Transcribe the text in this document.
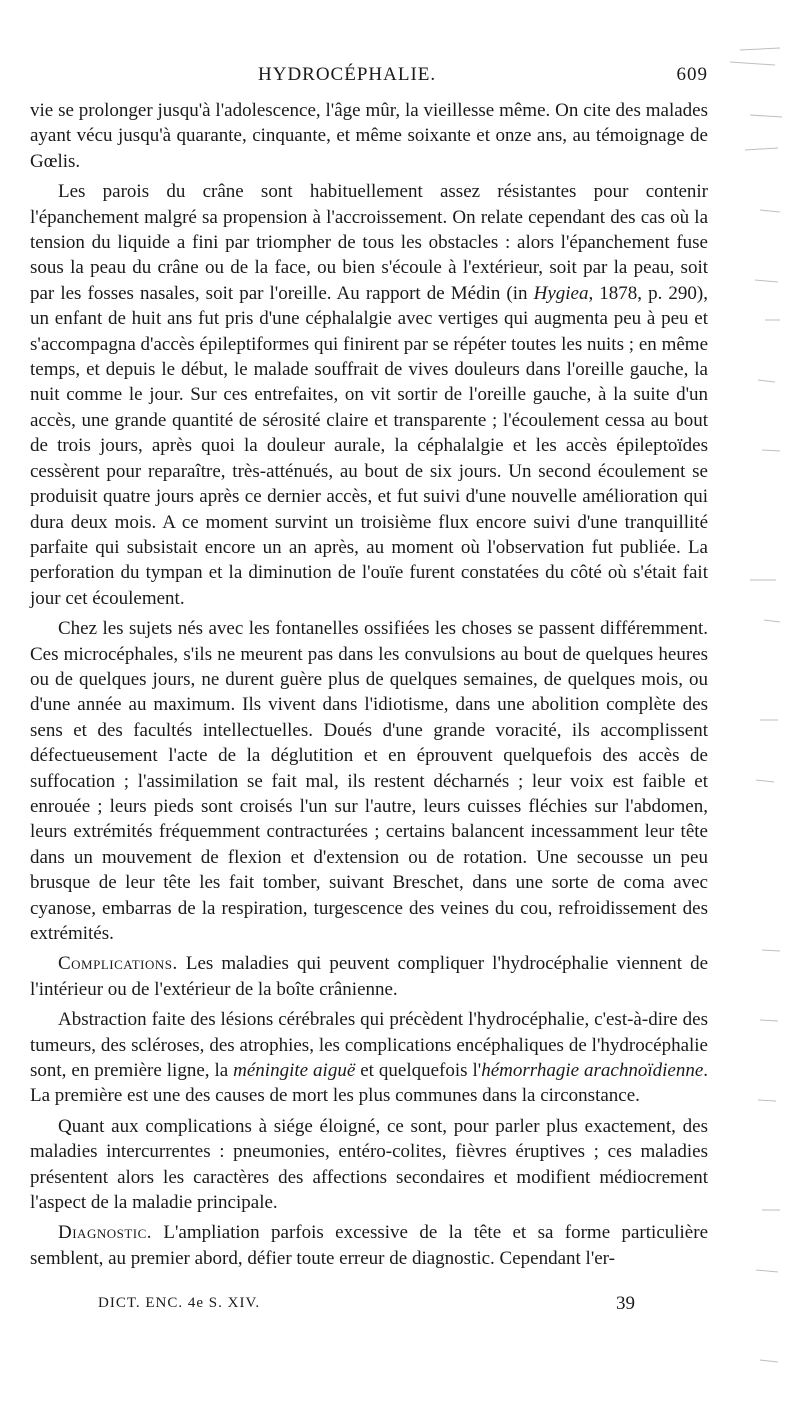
HYDROCÉPHALIE.	609

vie se prolonger jusqu'à l'adolescence, l'âge mûr, la vieillesse même. On cite des malades ayant vécu jusqu'à quarante, cinquante, et même soixante et onze ans, au témoignage de Gœlis.

Les parois du crâne sont habituellement assez résistantes pour contenir l'épanchement malgré sa propension à l'accroissement. On relate cependant des cas où la tension du liquide a fini par triompher de tous les obstacles : alors l'épanchement fuse sous la peau du crâne ou de la face, ou bien s'écoule à l'extérieur, soit par la peau, soit par les fosses nasales, soit par l'oreille. Au rapport de Médin (in Hygiea, 1878, p. 290), un enfant de huit ans fut pris d'une céphalalgie avec vertiges qui augmenta peu à peu et s'accompagna d'accès épileptiformes qui finirent par se répéter toutes les nuits ; en même temps, et depuis le début, le malade souffrait de vives douleurs dans l'oreille gauche, la nuit comme le jour. Sur ces entrefaites, on vit sortir de l'oreille gauche, à la suite d'un accès, une grande quantité de sérosité claire et transparente ; l'écoulement cessa au bout de trois jours, après quoi la douleur aurale, la céphalalgie et les accès épileptoïdes cessèrent pour reparaître, très-atténués, au bout de six jours. Un second écoulement se produisit quatre jours après ce dernier accès, et fut suivi d'une nouvelle amélioration qui dura deux mois. A ce moment survint un troisième flux encore suivi d'une tranquillité parfaite qui subsistait encore un an après, au moment où l'observation fut publiée. La perforation du tympan et la diminution de l'ouïe furent constatées du côté où s'était fait jour cet écoulement.

Chez les sujets nés avec les fontanelles ossifiées les choses se passent différemment. Ces microcéphales, s'ils ne meurent pas dans les convulsions au bout de quelques heures ou de quelques jours, ne durent guère plus de quelques semaines, de quelques mois, ou d'une année au maximum. Ils vivent dans l'idiotisme, dans une abolition complète des sens et des facultés intellectuelles. Doués d'une grande voracité, ils accomplissent défectueusement l'acte de la déglutition et en éprouvent quelquefois des accès de suffocation ; l'assimilation se fait mal, ils restent décharnés ; leur voix est faible et enrouée ; leurs pieds sont croisés l'un sur l'autre, leurs cuisses fléchies sur l'abdomen, leurs extrémités fréquemment contracturées ; certains balancent incessamment leur tête dans un mouvement de flexion et d'extension ou de rotation. Une secousse un peu brusque de leur tête les fait tomber, suivant Breschet, dans une sorte de coma avec cyanose, embarras de la respiration, turgescence des veines du cou, refroidissement des extrémités.

Complications. Les maladies qui peuvent compliquer l'hydrocéphalie viennent de l'intérieur ou de l'extérieur de la boîte crânienne.

Abstraction faite des lésions cérébrales qui précèdent l'hydrocéphalie, c'est-à-dire des tumeurs, des scléroses, des atrophies, les complications encéphaliques de l'hydrocéphalie sont, en première ligne, la méningite aiguë et quelquefois l'hémorrhagie arachnoïdienne. La première est une des causes de mort les plus communes dans la circonstance.

Quant aux complications à siége éloigné, ce sont, pour parler plus exactement, des maladies intercurrentes : pneumonies, entéro-colites, fièvres éruptives ; ces maladies présentent alors les caractères des affections secondaires et modifient médiocrement l'aspect de la maladie principale.

Diagnostic. L'ampliation parfois excessive de la tête et sa forme particulière semblent, au premier abord, défier toute erreur de diagnostic. Cependant l'er-

DICT. ENC. 4e S. XIV.	39
